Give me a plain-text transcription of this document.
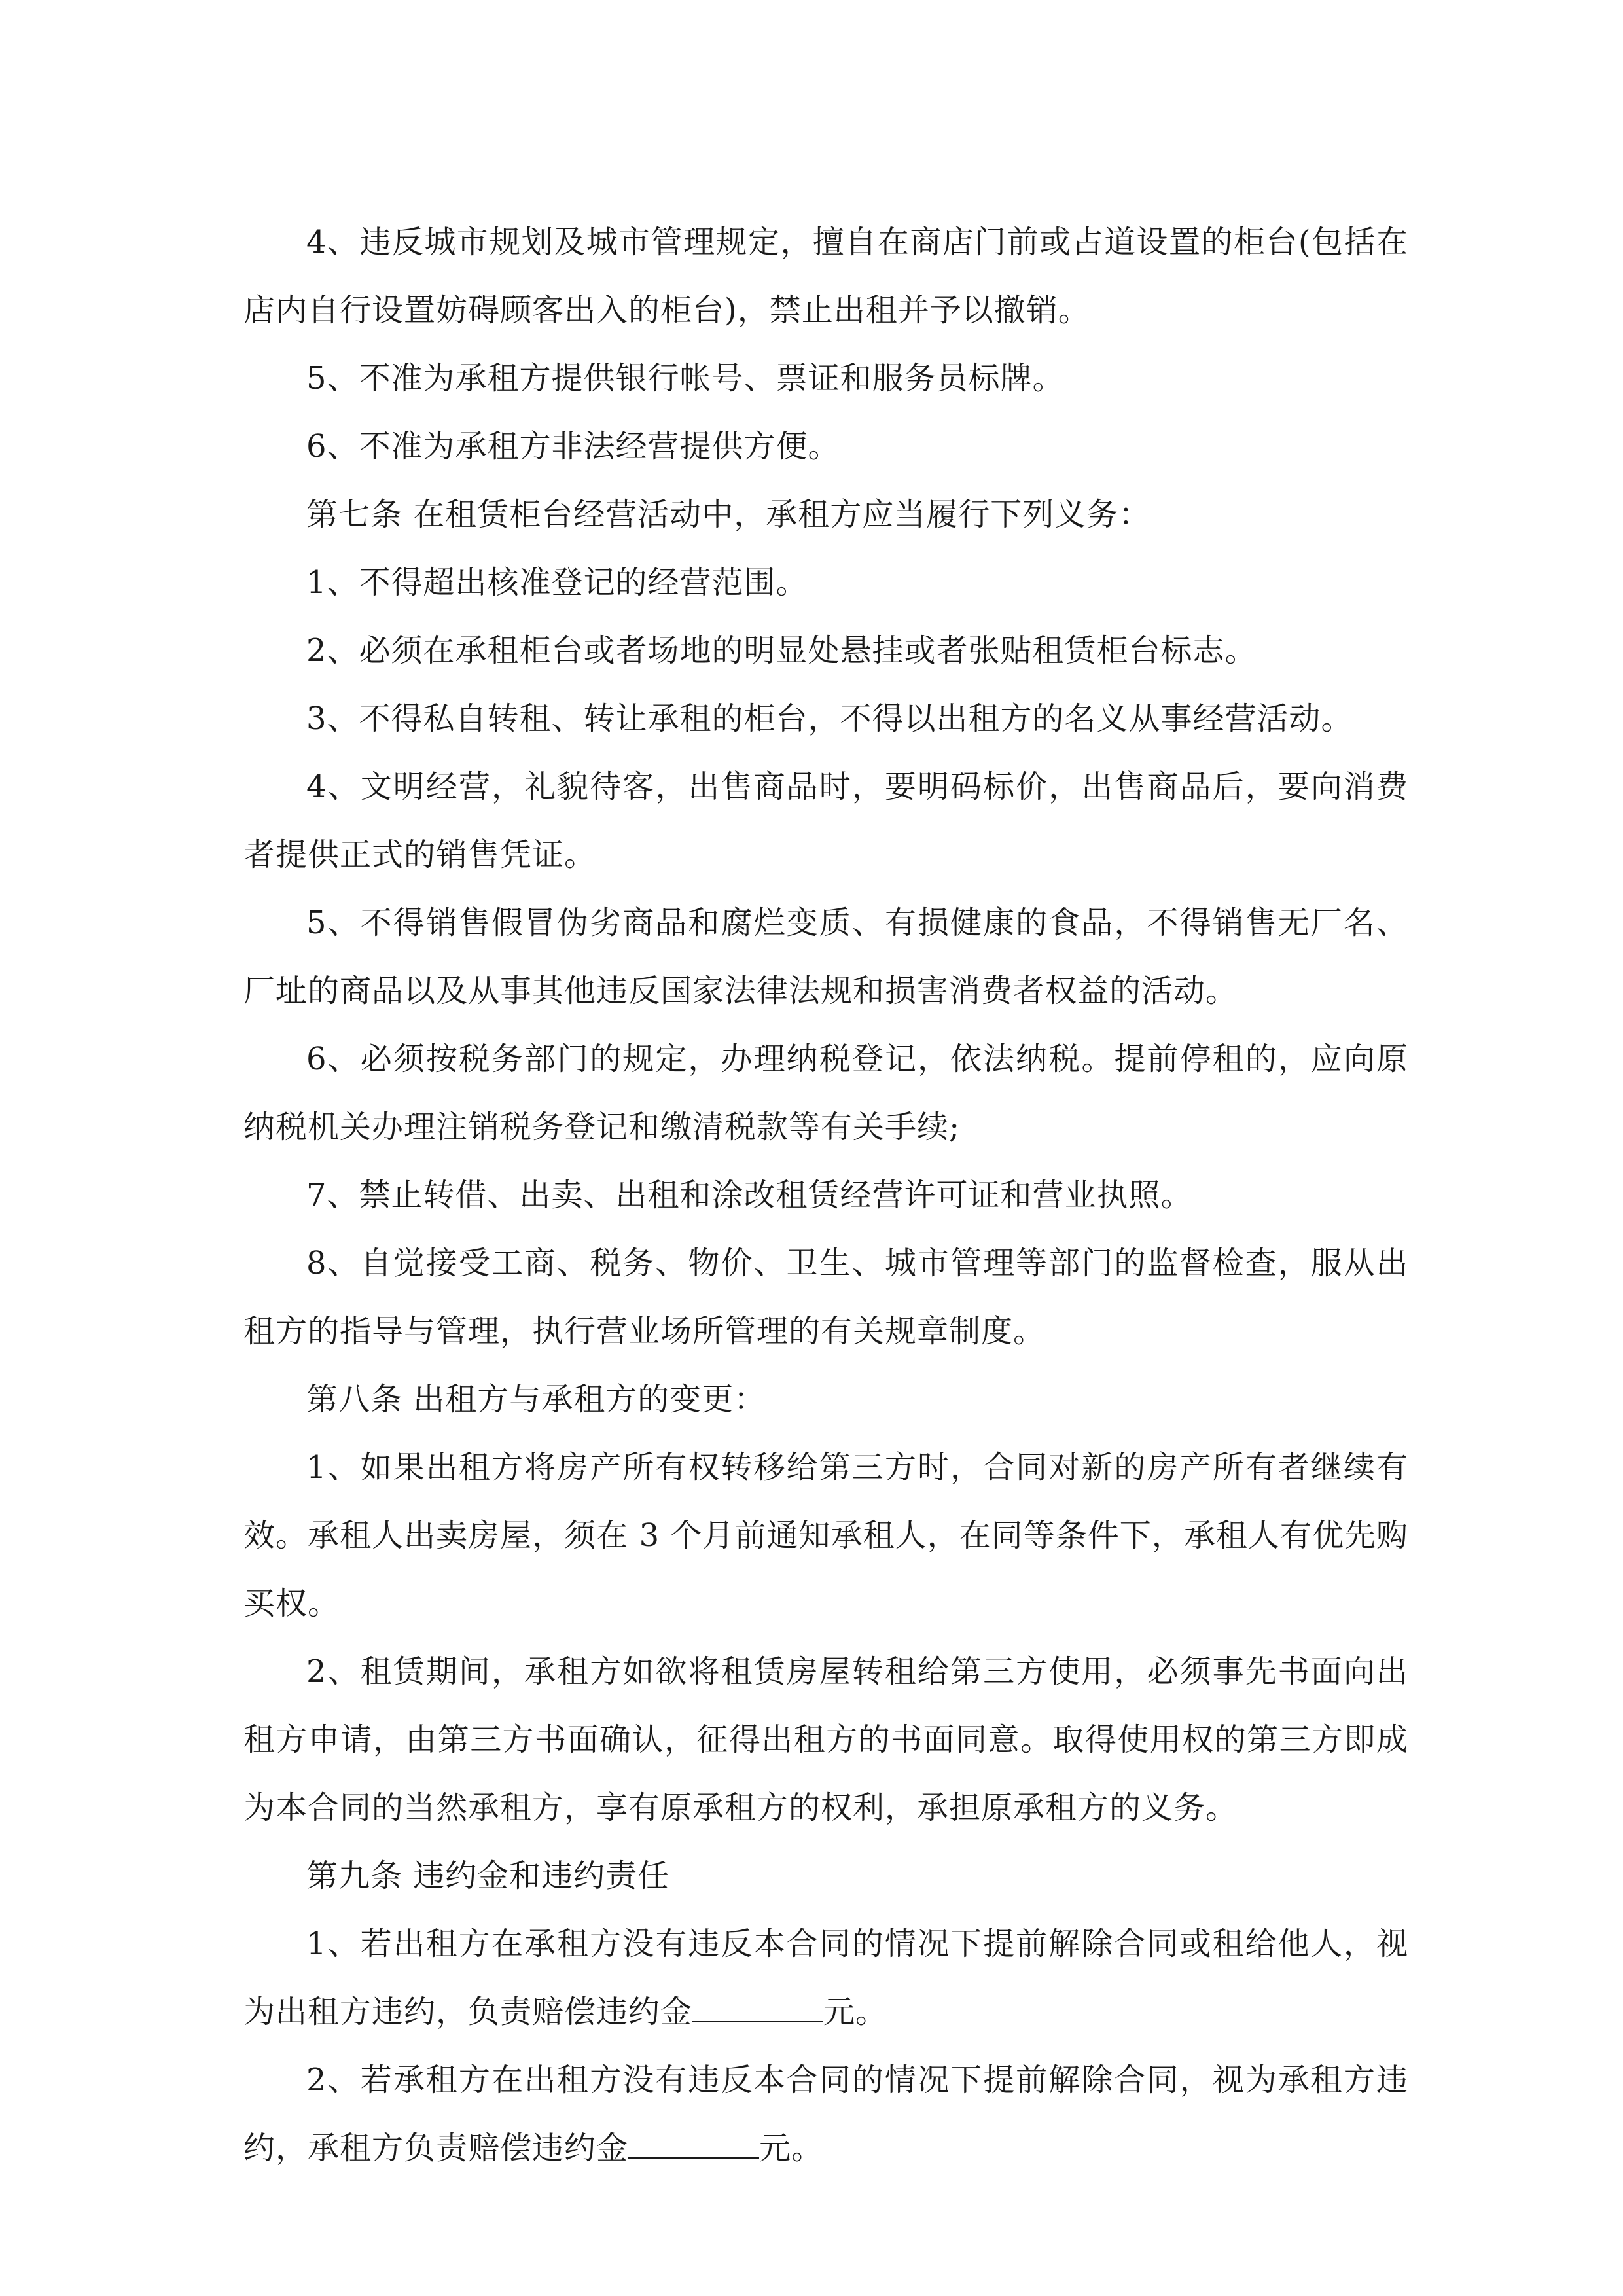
4、违反城市规划及城市管理规定，擅自在商店门前或占道设置的柜台(包括在店内自行设置妨碍顾客出入的柜台)，禁止出租并予以撤销。

5、不准为承租方提供银行帐号、票证和服务员标牌。

6、不准为承租方非法经营提供方便。

第七条 在租赁柜台经营活动中，承租方应当履行下列义务：

1、不得超出核准登记的经营范围。

2、必须在承租柜台或者场地的明显处悬挂或者张贴租赁柜台标志。

3、不得私自转租、转让承租的柜台，不得以出租方的名义从事经营活动。

4、文明经营，礼貌待客，出售商品时，要明码标价，出售商品后，要向消费者提供正式的销售凭证。

5、不得销售假冒伪劣商品和腐烂变质、有损健康的食品，不得销售无厂名、厂址的商品以及从事其他违反国家法律法规和损害消费者权益的活动。

6、必须按税务部门的规定，办理纳税登记，依法纳税。提前停租的，应向原纳税机关办理注销税务登记和缴清税款等有关手续;

7、禁止转借、出卖、出租和涂改租赁经营许可证和营业执照。

8、自觉接受工商、税务、物价、卫生、城市管理等部门的监督检查，服从出租方的指导与管理，执行营业场所管理的有关规章制度。

第八条 出租方与承租方的变更：

1、如果出租方将房产所有权转移给第三方时，合同对新的房产所有者继续有效。承租人出卖房屋，须在 3 个月前通知承租人，在同等条件下，承租人有优先购买权。

2、租赁期间，承租方如欲将租赁房屋转租给第三方使用，必须事先书面向出租方申请，由第三方书面确认，征得出租方的书面同意。取得使用权的第三方即成为本合同的当然承租方，享有原承租方的权利，承担原承租方的义务。

第九条 违约金和违约责任

1、若出租方在承租方没有违反本合同的情况下提前解除合同或租给他人，视为出租方违约，负责赔偿违约金	元。

2、若承租方在出租方没有违反本合同的情况下提前解除合同，视为承租方违约，承租方负责赔偿违约金	元。
